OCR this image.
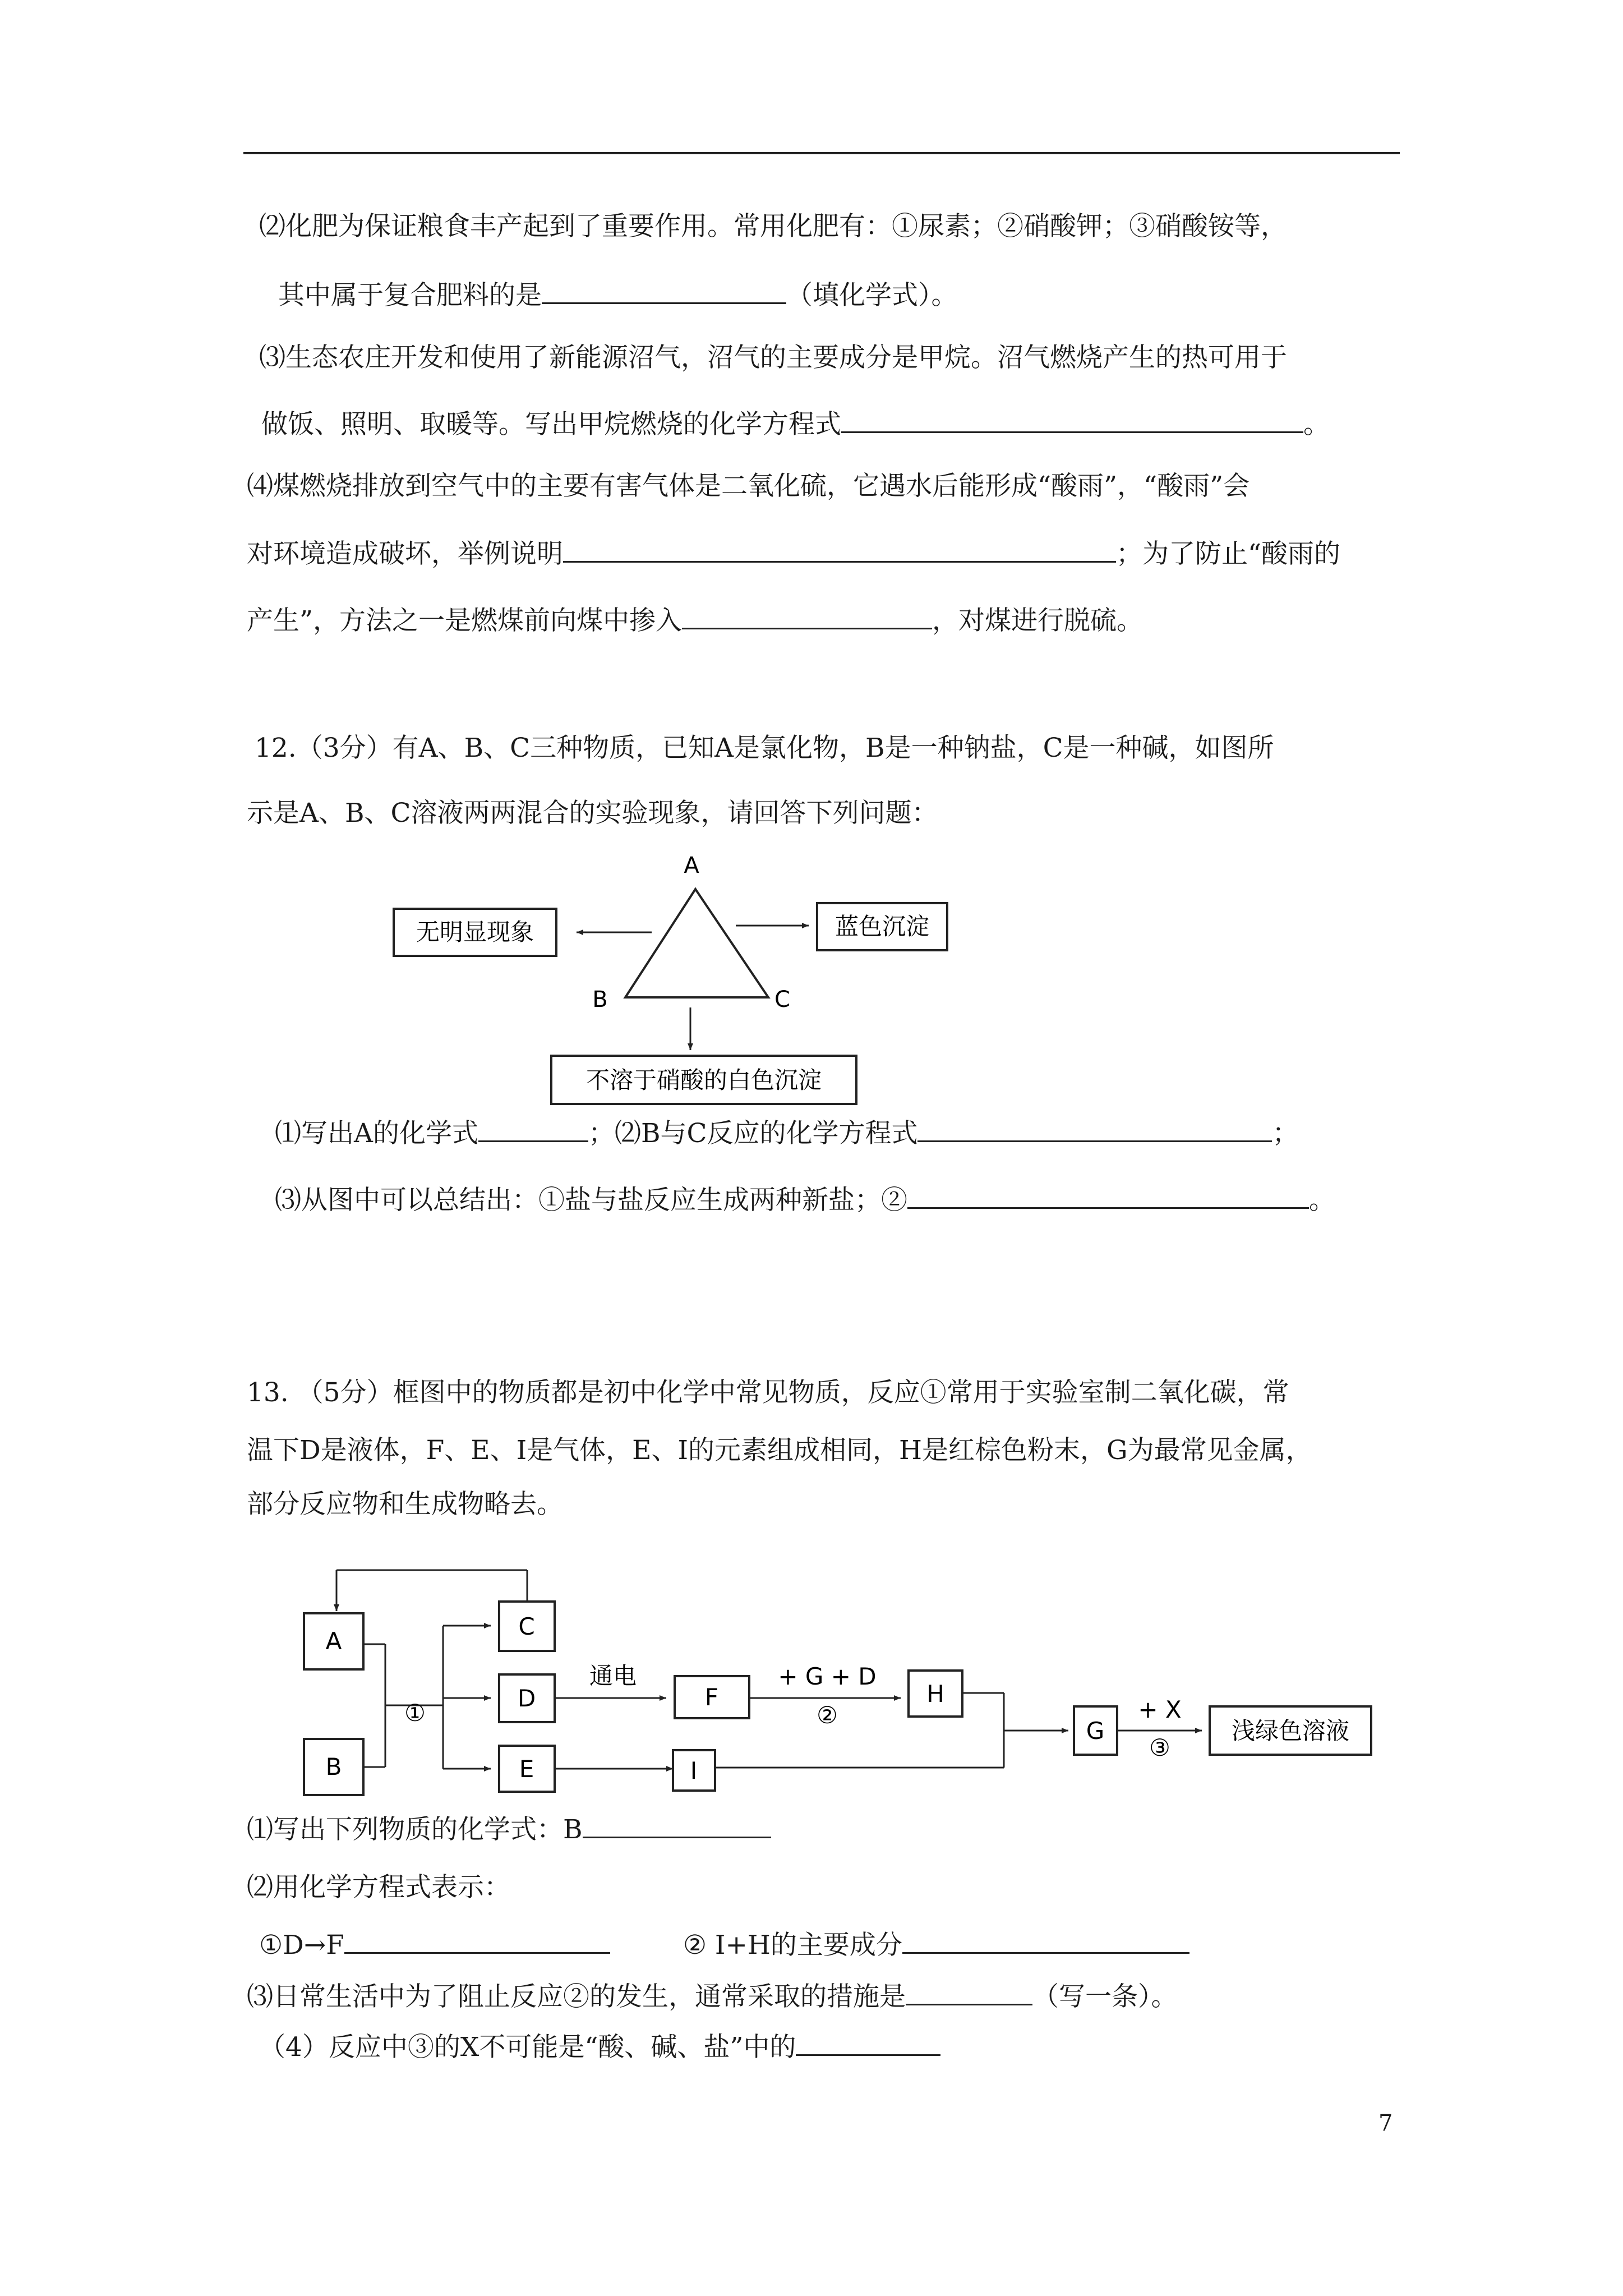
⑵化肥为保证粮食丰产起到了重要作用。常用化肥有：①尿素；②硝酸钾；③硝酸铵等，
其中属于复合肥料的是	（填化学式）。
⑶生态农庄开发和使用了新能源沼气，沼气的主要成分是甲烷。沼气燃烧产生的热可用于
做饭、照明、取暖等。写出甲烷燃烧的化学方程式	。
⑷煤燃烧排放到空气中的主要有害气体是二氧化硫，它遇水后能形成“酸雨”，“酸雨”会
对环境造成破坏，举例说明	；为了防止“酸雨的
产生”，方法之一是燃煤前向煤中掺入	，对煤进行脱硫。
12.（3分）有A、B、C三种物质，已知A是氯化物，B是一种钠盐，C是一种碱，如图所
示是A、B、C溶液两两混合的实验现象，请回答下列问题：
A
B	C
无明显现象	蓝色沉淀
不溶于硝酸的白色沉淀
⑴写出A的化学式	；⑵B与C反应的化学方程式	；
⑶从图中可以总结出：①盐与盐反应生成两种新盐；②	。
13. （5分）框图中的物质都是初中化学中常见物质，反应①常用于实验室制二氧化碳，常
温下D是液体，F、E、I是气体，E、I的元素组成相同，H是红棕色粉末，G为最常见金属，
部分反应物和生成物略去。
A
B
C
D
E
F
I
H
G	浅绿色溶液
①
通电	+ G + D
②	+ X
③
⑴写出下列物质的化学式：B
⑵用化学方程式表示：
①D→F	② I+H的主要成分
⑶日常生活中为了阻止反应②的发生，通常采取的措施是	（写一条）。
（4）反应中③的X不可能是“酸、碱、盐”中的
7
